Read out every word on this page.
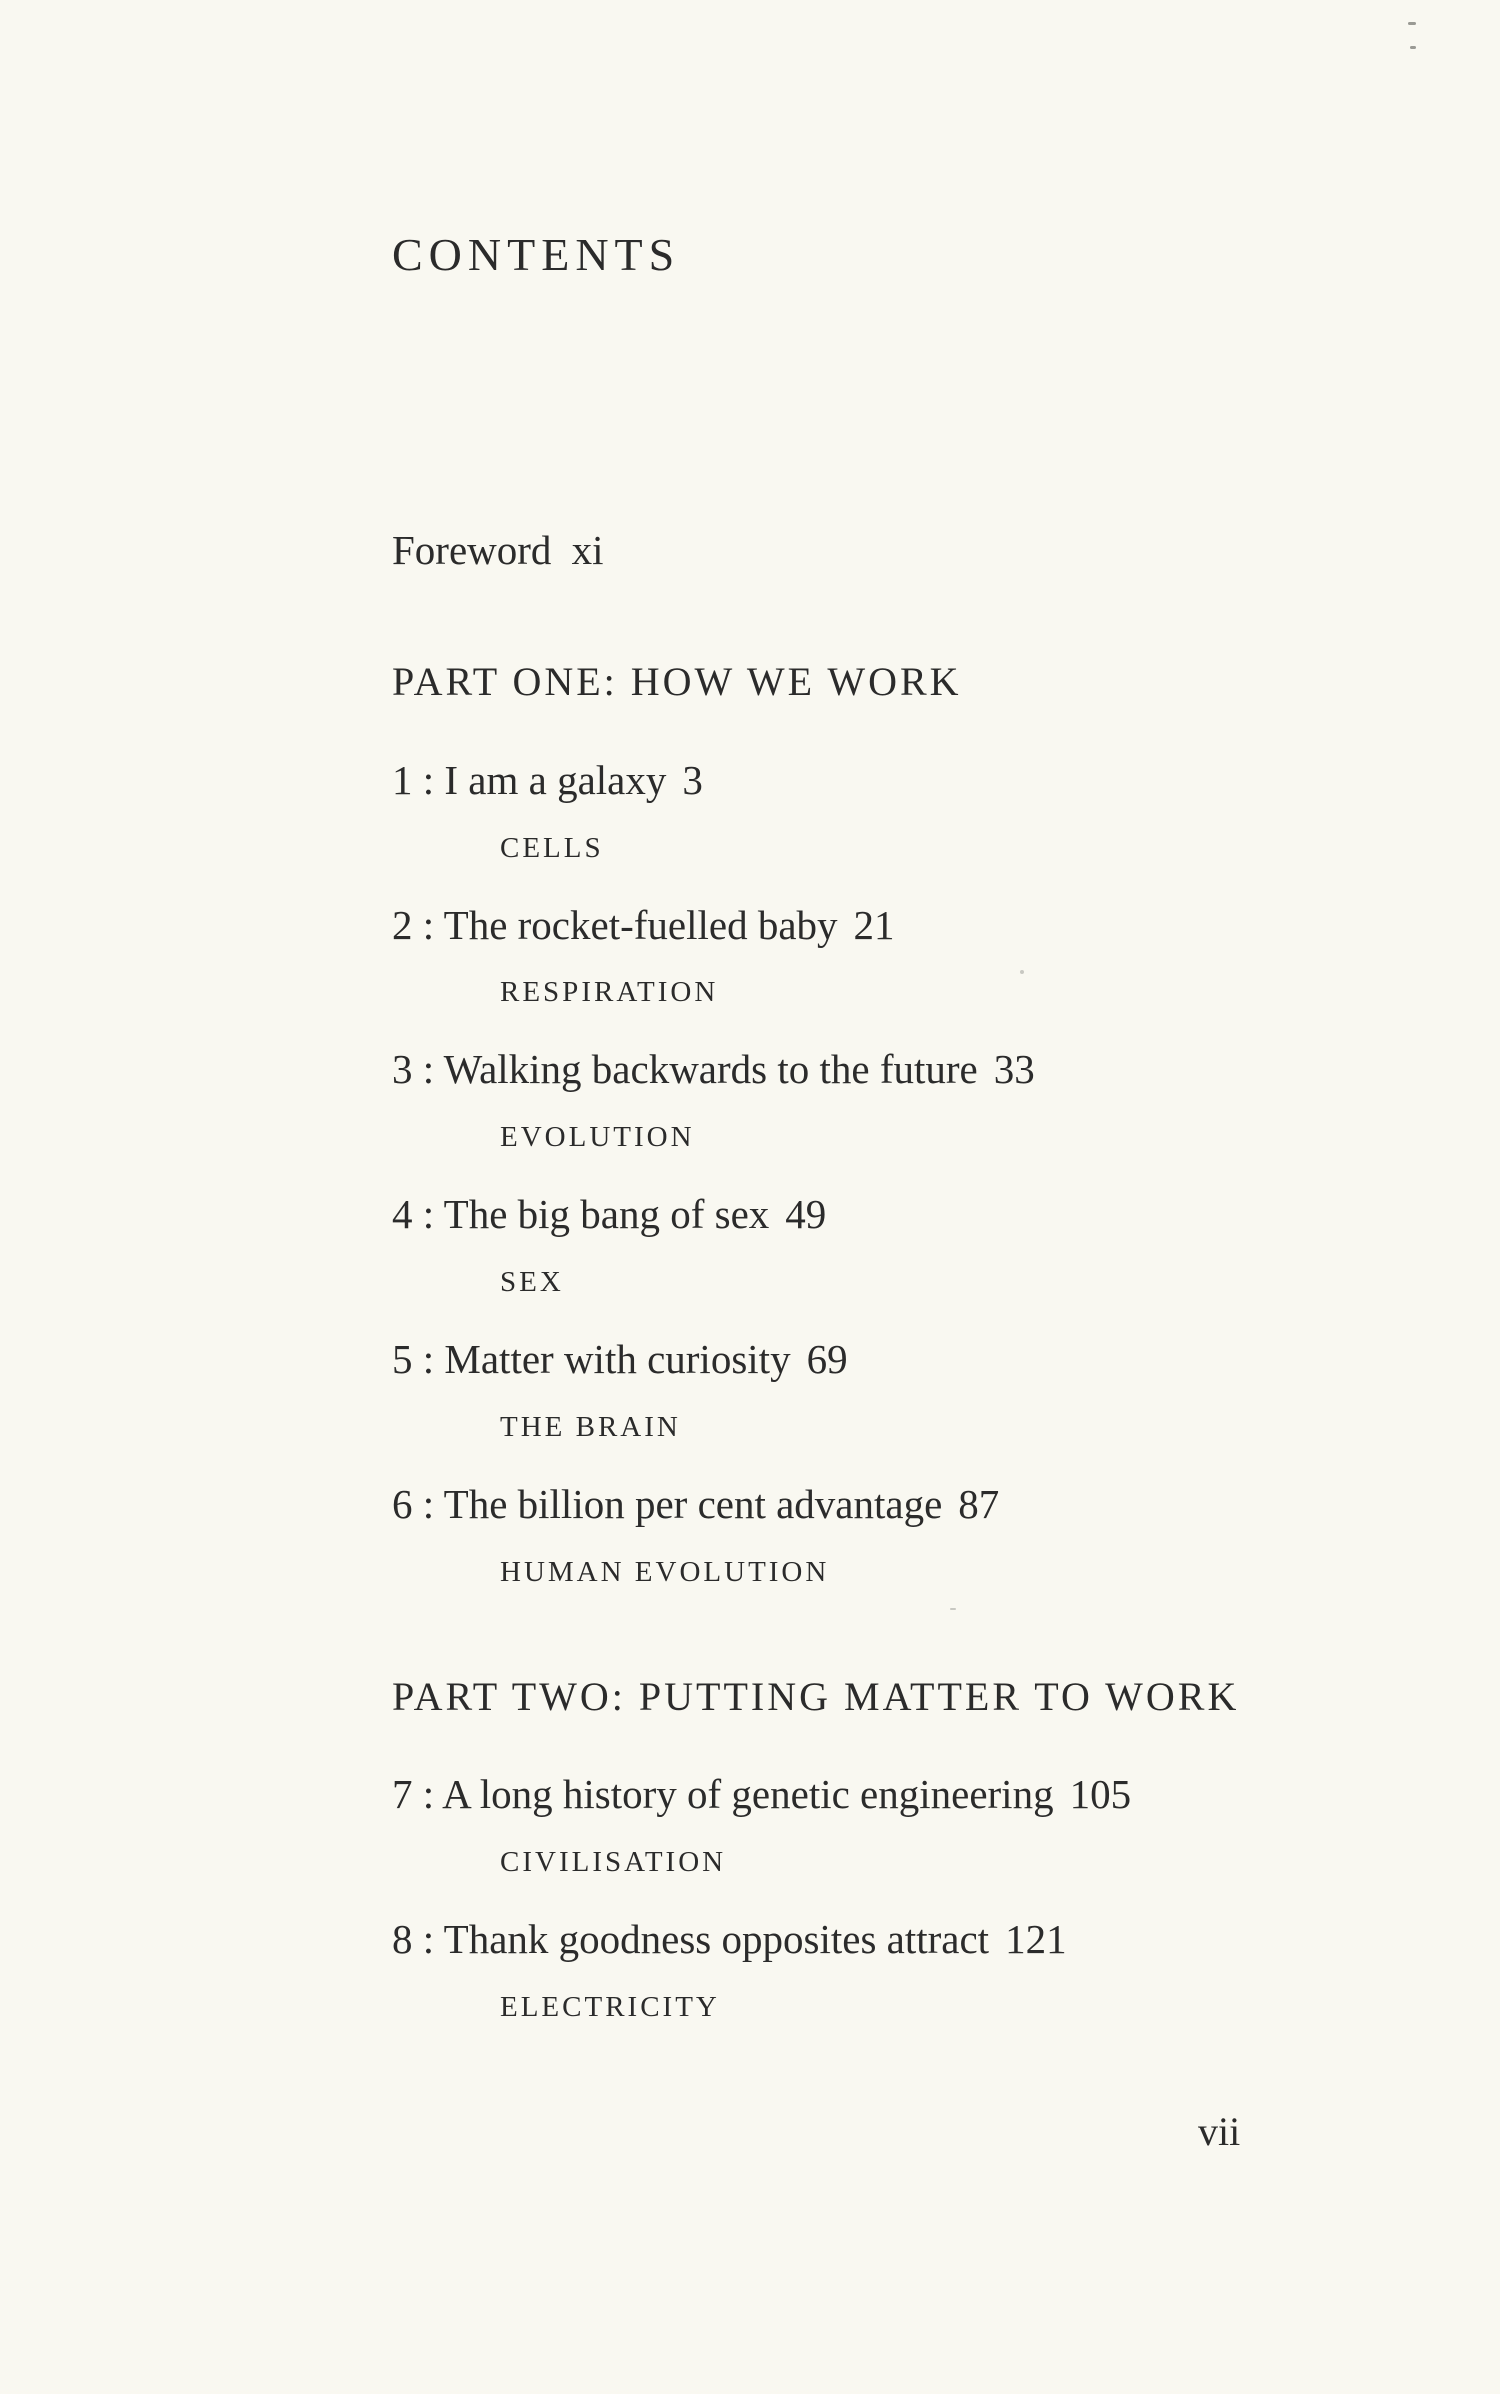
CONTENTS
Foreword xi
PART ONE: HOW WE WORK
1 : I am a galaxy 3
CELLS
2 : The rocket-fuelled baby 21
RESPIRATION
3 : Walking backwards to the future 33
EVOLUTION
4 : The big bang of sex 49
SEX
5 : Matter with curiosity 69
THE BRAIN
6 : The billion per cent advantage 87
HUMAN EVOLUTION
PART TWO: PUTTING MATTER TO WORK
7 : A long history of genetic engineering 105
CIVILISATION
8 : Thank goodness opposites attract 121
ELECTRICITY
vii
